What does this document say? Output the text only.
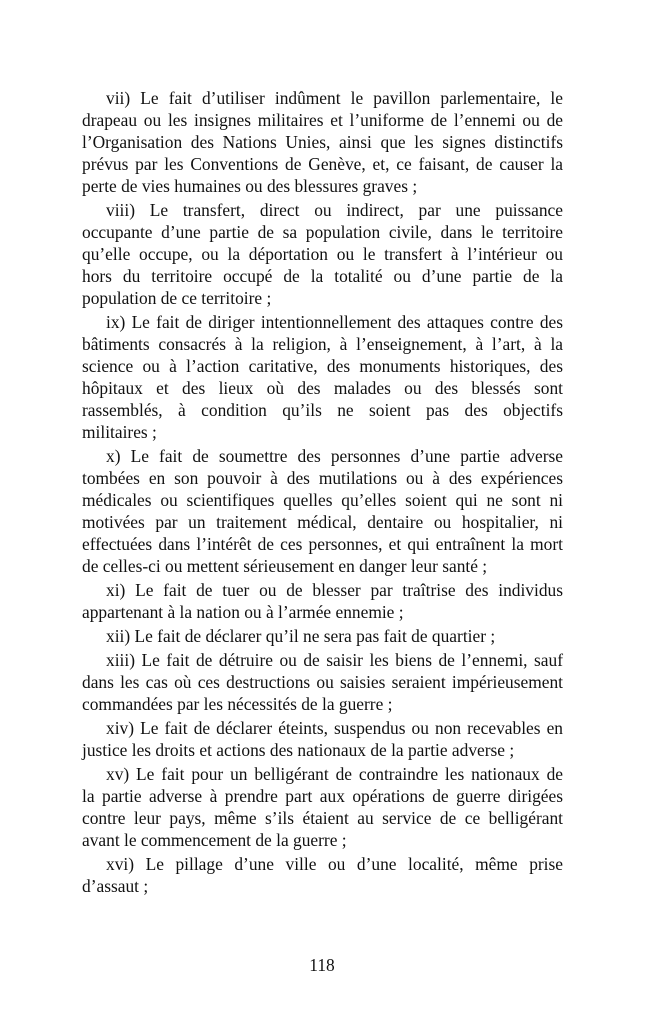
vii) Le fait d’utiliser indûment le pavillon parlementaire, le
drapeau ou les insignes militaires et l’uniforme de l’ennemi ou de
l’Organisation des Nations Unies, ainsi que les signes distinctifs
prévus par les Conventions de Genève, et, ce faisant, de causer la
perte de vies humaines ou des blessures graves ;
viii) Le transfert, direct ou indirect, par une puissance
occupante d’une partie de sa population civile, dans le territoire
qu’elle occupe, ou la déportation ou le transfert à l’intérieur ou
hors du territoire occupé de la totalité ou d’une partie de la
population de ce territoire ;
ix) Le fait de diriger intentionnellement des attaques contre des
bâtiments consacrés à la religion, à l’enseignement, à l’art, à la
science ou à l’action caritative, des monuments historiques, des
hôpitaux et des lieux où des malades ou des blessés sont
rassemblés, à condition qu’ils ne soient pas des objectifs
militaires ;
x) Le fait de soumettre des personnes d’une partie adverse
tombées en son pouvoir à des mutilations ou à des expériences
médicales ou scientifiques quelles qu’elles soient qui ne sont ni
motivées par un traitement médical, dentaire ou hospitalier, ni
effectuées dans l’intérêt de ces personnes, et qui entraînent la mort
de celles-ci ou mettent sérieusement en danger leur santé ;
xi) Le fait de tuer ou de blesser par traîtrise des individus
appartenant à la nation ou à l’armée ennemie ;
xii) Le fait de déclarer qu’il ne sera pas fait de quartier ;
xiii) Le fait de détruire ou de saisir les biens de l’ennemi, sauf
dans les cas où ces destructions ou saisies seraient impérieusement
commandées par les nécessités de la guerre ;
xiv) Le fait de déclarer éteints, suspendus ou non recevables en
justice les droits et actions des nationaux de la partie adverse ;
xv) Le fait pour un belligérant de contraindre les nationaux de
la partie adverse à prendre part aux opérations de guerre dirigées
contre leur pays, même s’ils étaient au service de ce belligérant
avant le commencement de la guerre ;
xvi) Le pillage d’une ville ou d’une localité, même prise
d’assaut ;
118
